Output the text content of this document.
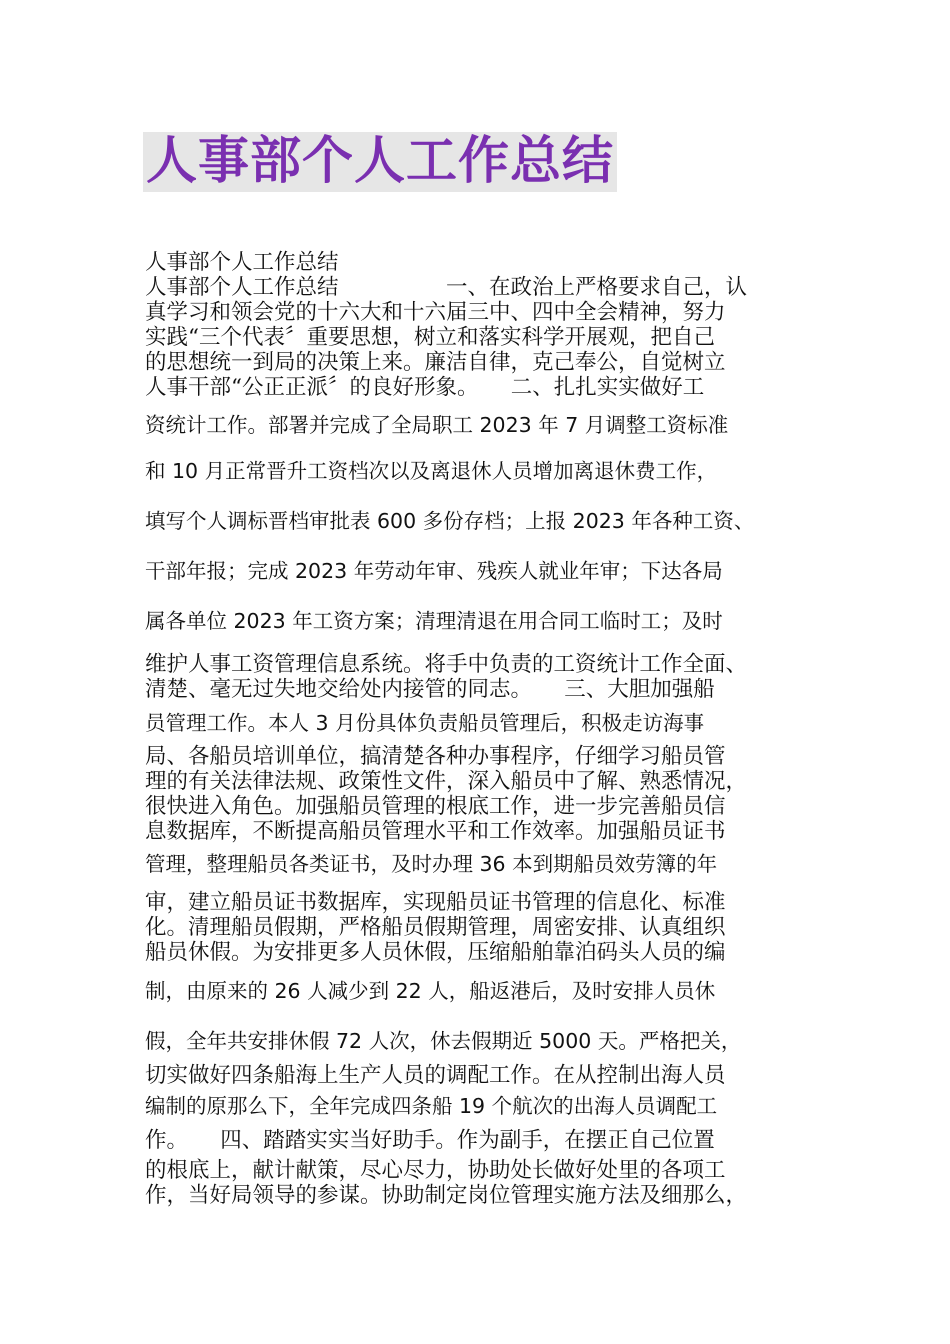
人事部个人工作总结
人事部个人工作总结
人事部个人工作总结　　　　　一、在政治上严格要求自己，认
真学习和领会党的十六大和十六届三中、四中全会精神，努力
实践“三个代表〞重要思想，树立和落实科学开展观，把自己
的思想统一到局的决策上来。廉洁自律，克己奉公，自觉树立
人事干部“公正正派〞的良好形象。　　二、扎扎实实做好工
资统计工作。部署并完成了全局职工 2023 年 7 月调整工资标准
和 10 月正常晋升工资档次以及离退休人员增加离退休费工作，
填写个人调标晋档审批表 600 多份存档；上报 2023 年各种工资、
干部年报；完成 2023 年劳动年审、残疾人就业年审；下达各局
属各单位 2023 年工资方案；清理清退在用合同工临时工；及时
维护人事工资管理信息系统。将手中负责的工资统计工作全面、
清楚、毫无过失地交给处内接管的同志。　　三、大胆加强船
员管理工作。本人 3 月份具体负责船员管理后，积极走访海事
局、各船员培训单位，搞清楚各种办事程序，仔细学习船员管
理的有关法律法规、政策性文件，深入船员中了解、熟悉情况，
很快进入角色。加强船员管理的根底工作，进一步完善船员信
息数据库，不断提高船员管理水平和工作效率。加强船员证书
管理，整理船员各类证书，及时办理 36 本到期船员效劳簿的年
审，建立船员证书数据库，实现船员证书管理的信息化、标准
化。清理船员假期，严格船员假期管理，周密安排、认真组织
船员休假。为安排更多人员休假，压缩船舶靠泊码头人员的编
制，由原来的 26 人减少到 22 人，船返港后，及时安排人员休
假，全年共安排休假 72 人次，休去假期近 5000 天。严格把关，
切实做好四条船海上生产人员的调配工作。在从控制出海人员
编制的原那么下，全年完成四条船 19 个航次的出海人员调配工
作。　　四、踏踏实实当好助手。作为副手，在摆正自己位置
的根底上，献计献策，尽心尽力，协助处长做好处里的各项工
作，当好局领导的参谋。协助制定岗位管理实施方法及细那么，
